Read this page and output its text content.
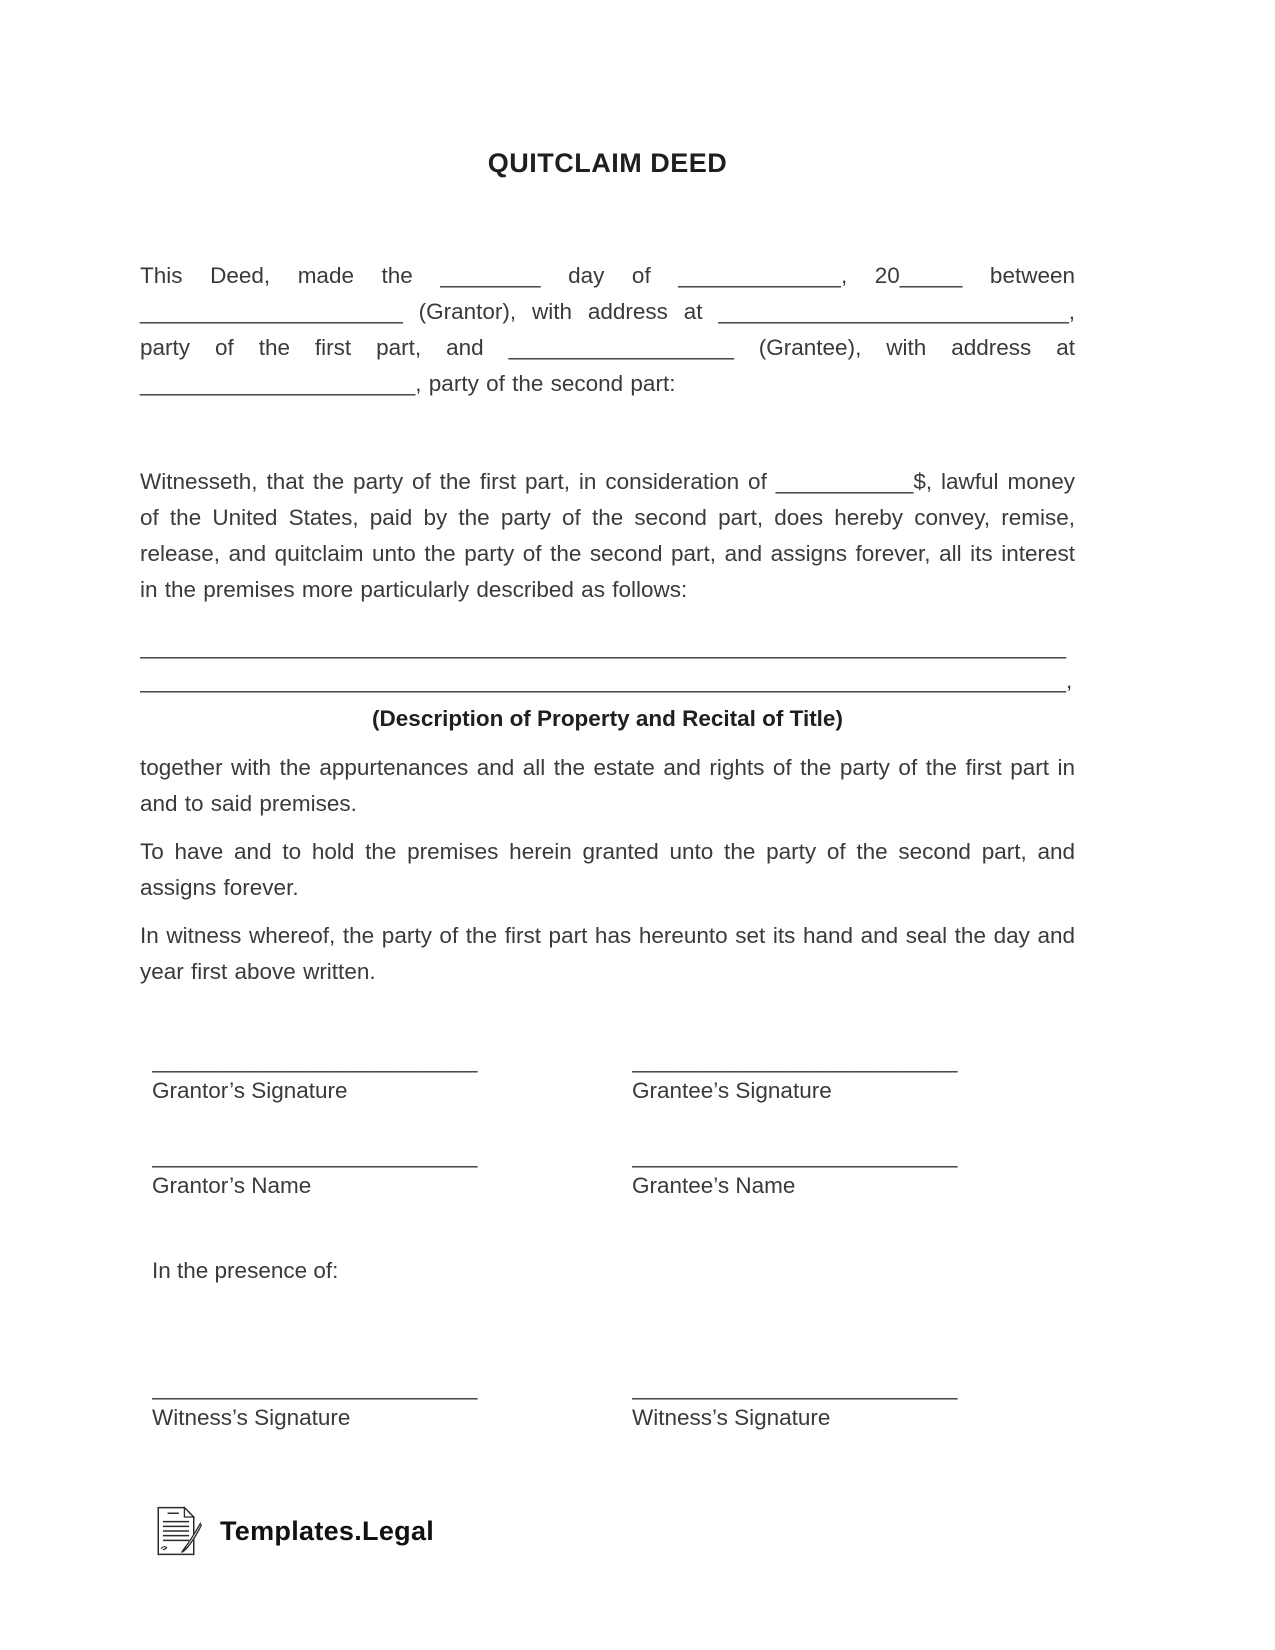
QUITCLAIM DEED

This Deed, made the ________ day of _____________, 20_____ between _____________________ (Grantor), with address at ____________________________, party of the first part, and __________________ (Grantee), with address at ______________________, party of the second part:

Witnesseth, that the party of the first part, in consideration of ___________$, lawful money of the United States, paid by the party of the second part, does hereby convey, remise, release, and quitclaim unto the party of the second part, and assigns forever, all its interest in the premises more particularly described as follows:

__________________________________________________________________________
__________________________________________________________________________,
(Description of Property and Recital of Title)

together with the appurtenances and all the estate and rights of the party of the first part in and to said premises.

To have and to hold the premises herein granted unto the party of the second part, and assigns forever.

In witness whereof, the party of the first part has hereunto set its hand and seal the day and year first above written.

__________________________
Grantor’s Signature
__________________________
Grantee’s Signature
__________________________
Grantor’s Name
__________________________
Grantee’s Name
In the presence of:
__________________________
Witness’s Signature
__________________________
Witness’s Signature
Templates.Legal
